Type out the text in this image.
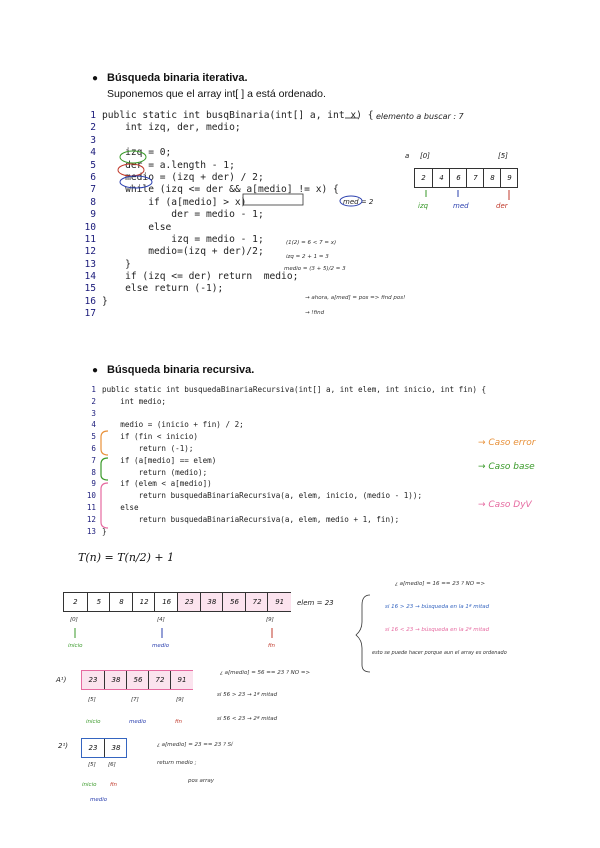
● Búsqueda binaria iterativa.
Suponemos que el array int[ ] a está ordenado.
1 public static int busqBinaria(int[] a, int x) {
2 int izq, der, medio;
3
4 izq = 0;
5 der = a.length - 1;
6 medio = (izq + der) / 2;
7 while (izq <= der && a[medio] != x) {
8 if (a[medio] > x)
9 der = medio - 1;
10 else
11 izq = medio - 1;
12 medio=(izq + der)/2;
13 }
14 if (izq <= der) return  medio;
15 else return (-1);
16 }
17
elemento a buscar : 7
med = 2
a [0]	[5]
2	4	6	7	8	9
izq	med	der
(1(2) = 6 < 7 = x)
izq = 2 + 1 = 3
medio = (3 + 5)/2 = 3
→ ahora, a[med] = pos => find pos!
→ !find
● Búsqueda binaria recursiva.
1 public static int busquedaBinariaRecursiva(int[] a, int elem, int inicio, int fin) {
2 int medio;
3
4 medio = (inicio + fin) / 2;
5 if (fin < inicio)
6 return (-1);
7 if (a[medio] == elem)
8 return (medio);
9 if (elem < a[medio])
10 return busquedaBinariaRecursiva(a, elem, inicio, (medio - 1));
11 else
12 return busquedaBinariaRecursiva(a, elem, medio + 1, fin);
13 }
→ Caso error
→ Caso base
→ Caso DyV
T(n) = T(n/2) + 1
2	5	8	12	16	23	38	56	72	91	elem = 23
[0]	[4]	[9]
inicio	medio	fin
¿ a[medio] = 16 == 23 ? NO =>
si 16 > 23 → búsqueda en la 1ª mitad
si 16 < 23 → búsqueda en la 2ª mitad
esto se puede hacer porque aun el array es ordenado
A¹)	23	38	56	72	91
[5]	[7]	[9]
inicio	medio	fin
¿ a[medio] = 56 == 23 ? NO =>
si 56 > 23 → 1ª mitad
si 56 < 23 → 2ª mitad
2¹)	23	38
[5] [6]
inicio fin
medio
¿ a[medio] = 23 == 23 ? Sí
return medio ;
pos array
